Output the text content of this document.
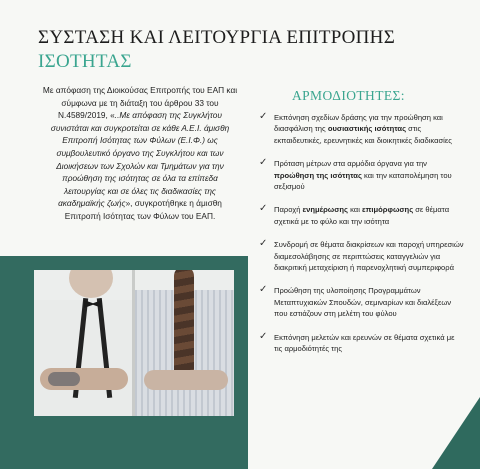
ΣΥΣΤΑΣΗ ΚΑΙ ΛΕΙΤΟΥΡΓΙΑ ΕΠΙΤΡΟΠΗΣ
ΙΣΟΤΗΤΑΣ

Με απόφαση της Διοικούσας Επιτροπής του ΕΑΠ και σύμφωνα με τη διάταξη του άρθρου 33 του Ν.4589/2019, «..Με απόφαση της Συγκλήτου συνιστάται και συγκροτείται σε κάθε Α.Ε.Ι. άμισθη Επιτροπή Ισότητας των Φύλων (Ε.Ι.Φ.) ως συμβουλευτικό όργανο της Συγκλήτου και των Διοικήσεων των Σχολών και Τμημάτων για την προώθηση της ισότητας σε όλα τα επίπεδα λειτουργίας και σε όλες τις διαδικασίες της ακαδημαϊκής ζωής», συγκροτήθηκε η άμισθη Επιτροπή Ισότητας των Φύλων του ΕΑΠ.

ΑΡΜΟΔΙΟΤΗΤΕΣ:
✓ Εκπόνηση σχεδίων δράσης για την προώθηση και διασφάλιση της ουσιαστικής ισότητας στις εκπαιδευτικές, ερευνητικές και διοικητικές διαδικασίες
✓ Πρόταση μέτρων στα αρμόδια όργανα για την προώθηση της ισότητας και την καταπολέμηση του σεξισμού
✓ Παροχή ενημέρωσης και επιμόρφωσης σε θέματα σχετικά με το φύλο και την ισότητα
✓ Συνδρομή σε θέματα διακρίσεων και παροχή υπηρεσιών διαμεσολάβησης σε περιπτώσεις καταγγελιών για διακριτική μεταχείριση ή παρενοχλητική συμπεριφορά
✓ Προώθηση της υλοποίησης Προγραμμάτων Μεταπτυχιακών Σπουδών, σεμιναρίων και διαλέξεων που εστιάζουν στη μελέτη του φύλου
✓ Εκπόνηση μελετών και ερευνών σε θέματα σχετικά με τις αρμοδιότητές της
